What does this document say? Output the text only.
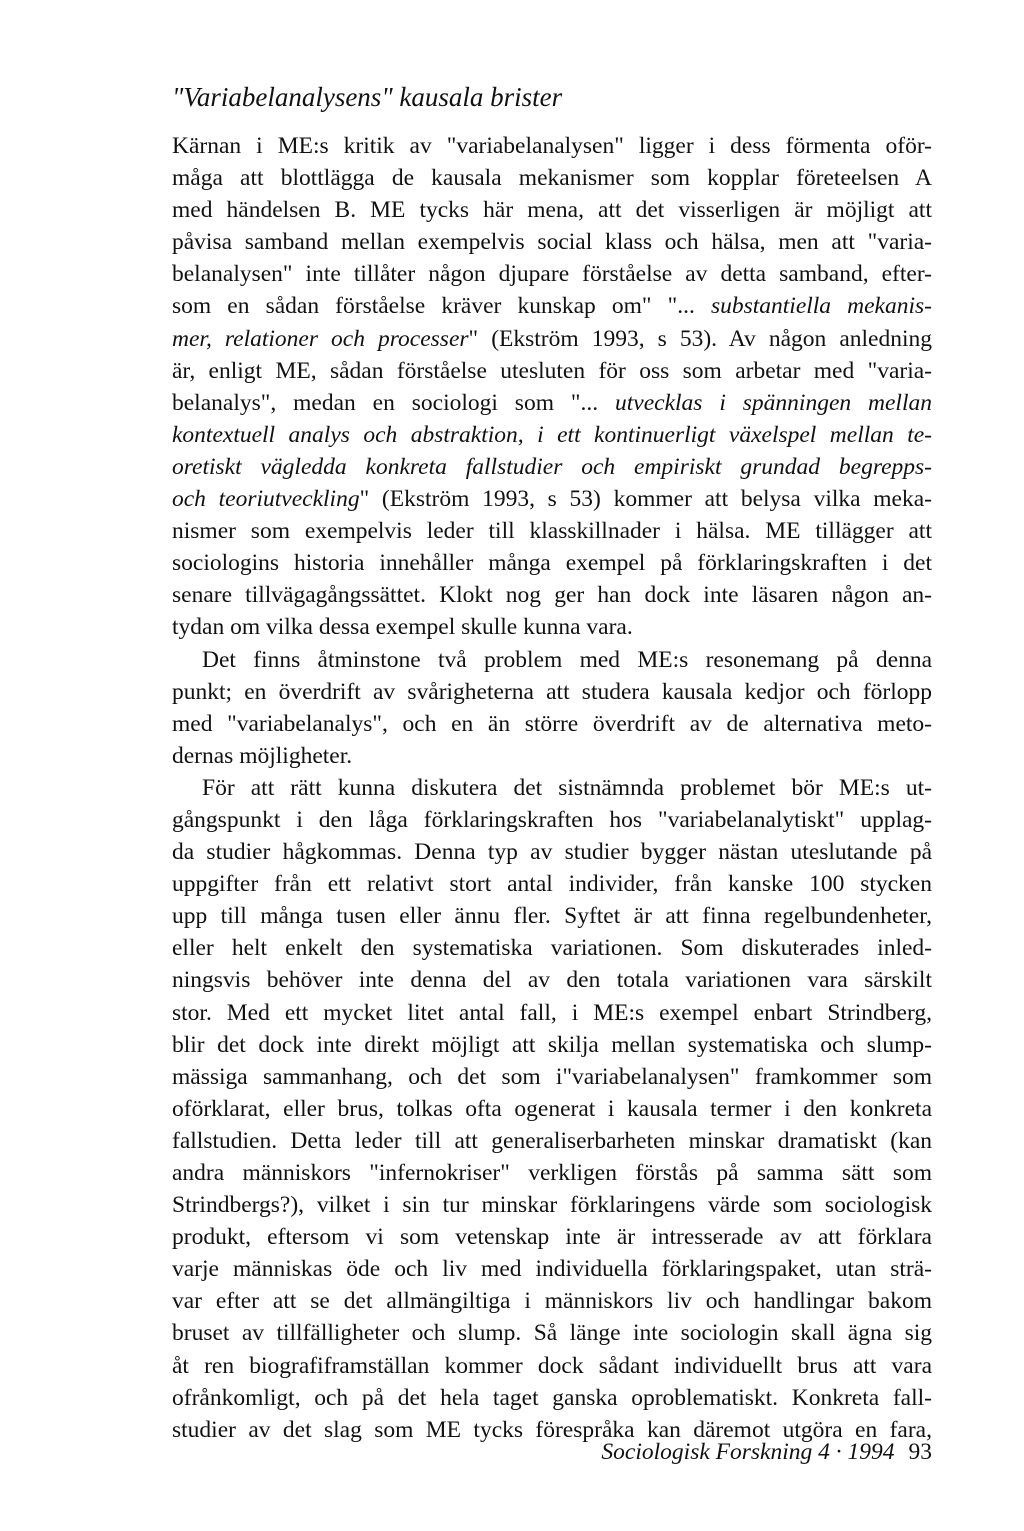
"Variabelanalysens" kausala brister
Kärnan i ME:s kritik av "variabelanalysen" ligger i dess förmenta oför-
måga att blottlägga de kausala mekanismer som kopplar företeelsen A
med händelsen B. ME tycks här mena, att det visserligen är möjligt att
påvisa samband mellan exempelvis social klass och hälsa, men att "varia-
belanalysen" inte tillåter någon djupare förståelse av detta samband, efter-
som en sådan förståelse kräver kunskap om" "... substantiella mekanis-
mer, relationer och processer" (Ekström 1993, s 53). Av någon anledning
är, enligt ME, sådan förståelse utesluten för oss som arbetar med "varia-
belanalys", medan en sociologi som "... utvecklas i spänningen mellan
kontextuell analys och abstraktion, i ett kontinuerligt växelspel mellan te-
oretiskt vägledda konkreta fallstudier och empiriskt grundad begrepps-
och teoriutveckling" (Ekström 1993, s 53) kommer att belysa vilka meka-
nismer som exempelvis leder till klasskillnader i hälsa. ME tillägger att
sociologins historia innehåller många exempel på förklaringskraften i det
senare tillvägagångssättet. Klokt nog ger han dock inte läsaren någon an-
tydan om vilka dessa exempel skulle kunna vara.
Det finns åtminstone två problem med ME:s resonemang på denna
punkt; en överdrift av svårigheterna att studera kausala kedjor och förlopp
med "variabelanalys", och en än större överdrift av de alternativa meto-
dernas möjligheter.
För att rätt kunna diskutera det sistnämnda problemet bör ME:s ut-
gångspunkt i den låga förklaringskraften hos "variabelanalytiskt" upplag-
da studier hågkommas. Denna typ av studier bygger nästan uteslutande på
uppgifter från ett relativt stort antal individer, från kanske 100 stycken
upp till många tusen eller ännu fler. Syftet är att finna regelbundenheter,
eller helt enkelt den systematiska variationen. Som diskuterades inled-
ningsvis behöver inte denna del av den totala variationen vara särskilt
stor. Med ett mycket litet antal fall, i ME:s exempel enbart Strindberg,
blir det dock inte direkt möjligt att skilja mellan systematiska och slump-
mässiga sammanhang, och det som i"variabelanalysen" framkommer som
oförklarat, eller brus, tolkas ofta ogenerat i kausala termer i den konkreta
fallstudien. Detta leder till att generaliserbarheten minskar dramatiskt (kan
andra människors "infernokriser" verkligen förstås på samma sätt som
Strindbergs?), vilket i sin tur minskar förklaringens värde som sociologisk
produkt, eftersom vi som vetenskap inte är intresserade av att förklara
varje människas öde och liv med individuella förklaringspaket, utan strä-
var efter att se det allmängiltiga i människors liv och handlingar bakom
bruset av tillfälligheter och slump. Så länge inte sociologin skall ägna sig
åt ren biografiframställan kommer dock sådant individuellt brus att vara
ofrånkomligt, och på det hela taget ganska oproblematiskt. Konkreta fall-
studier av det slag som ME tycks förespråka kan däremot utgöra en fara,
Sociologisk Forskning 4 · 1994 93
